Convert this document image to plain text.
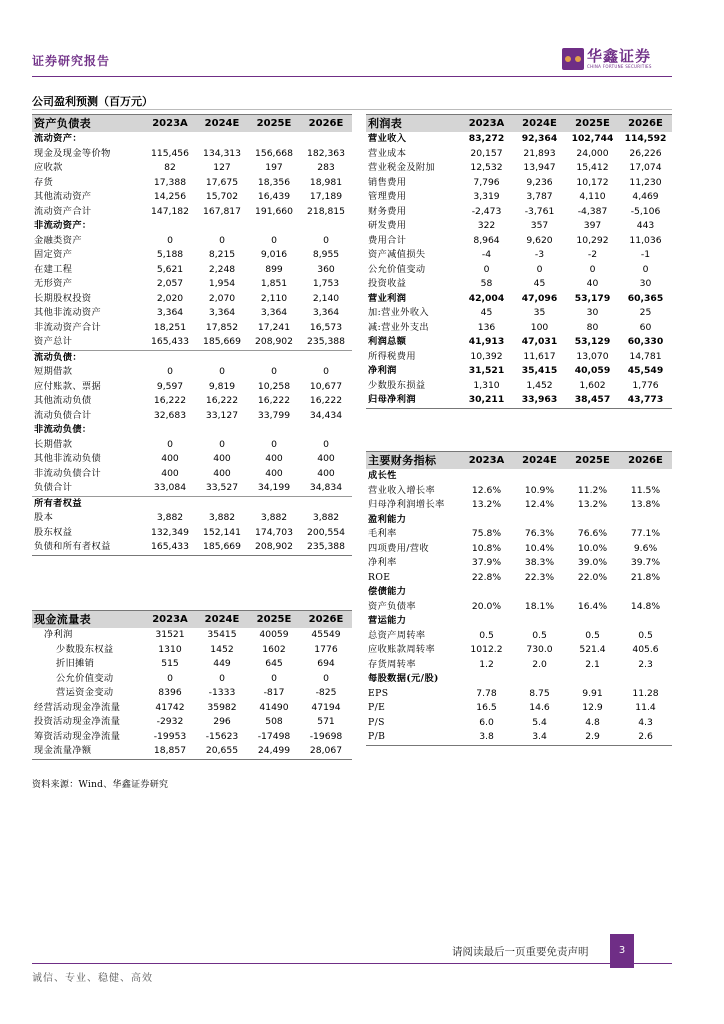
证券研究报告	华鑫证券
CHINA FORTUNE SECURITIES
公司盈利预测（百万元）
资产负债表	2023A	2024E	2025E	2026E
流动资产：				
现金及现金等价物	115,456	134,313	156,668	182,363
应收款	82	127	197	283
存货	17,388	17,675	18,356	18,981
其他流动资产	14,256	15,702	16,439	17,189
流动资产合计	147,182	167,817	191,660	218,815
非流动资产：				
金融类资产	0	0	0	0
固定资产	5,188	8,215	9,016	8,955
在建工程	5,621	2,248	899	360
无形资产	2,057	1,954	1,851	1,753
长期股权投资	2,020	2,070	2,110	2,140
其他非流动资产	3,364	3,364	3,364	3,364
非流动资产合计	18,251	17,852	17,241	16,573
资产总计	165,433	185,669	208,902	235,388
流动负债：				
短期借款	0	0	0	0
应付账款、票据	9,597	9,819	10,258	10,677
其他流动负债	16,222	16,222	16,222	16,222
流动负债合计	32,683	33,127	33,799	34,434
非流动负债：				
长期借款	0	0	0	0
其他非流动负债	400	400	400	400
非流动负债合计	400	400	400	400
负债合计	33,084	33,527	34,199	34,834
所有者权益				
股本	3,882	3,882	3,882	3,882
股东权益	132,349	152,141	174,703	200,554
负债和所有者权益	165,433	185,669	208,902	235,388
现金流量表	2023A	2024E	2025E	2026E
净利润	31521	35415	40059	45549
少数股东权益	1310	1452	1602	1776
折旧摊销	515	449	645	694
公允价值变动	0	0	0	0
营运资金变动	8396	-1333	-817	-825
经营活动现金净流量	41742	35982	41490	47194
投资活动现金净流量	-2932	296	508	571
筹资活动现金净流量	-19953	-15623	-17498	-19698
现金流量净额	18,857	20,655	24,499	28,067
利润表	2023A	2024E	2025E	2026E
营业收入	83,272	92,364	102,744	114,592
营业成本	20,157	21,893	24,000	26,226
营业税金及附加	12,532	13,947	15,412	17,074
销售费用	7,796	9,236	10,172	11,230
管理费用	3,319	3,787	4,110	4,469
财务费用	-2,473	-3,761	-4,387	-5,106
研发费用	322	357	397	443
费用合计	8,964	9,620	10,292	11,036
资产减值损失	-4	-3	-2	-1
公允价值变动	0	0	0	0
投资收益	58	45	40	30
营业利润	42,004	47,096	53,179	60,365
加:营业外收入	45	35	30	25
减:营业外支出	136	100	80	60
利润总额	41,913	47,031	53,129	60,330
所得税费用	10,392	11,617	13,070	14,781
净利润	31,521	35,415	40,059	45,549
少数股东损益	1,310	1,452	1,602	1,776
归母净利润	30,211	33,963	38,457	43,773
主要财务指标	2023A	2024E	2025E	2026E
成长性				
营业收入增长率	12.6%	10.9%	11.2%	11.5%
归母净利润增长率	13.2%	12.4%	13.2%	13.8%
盈利能力				
毛利率	75.8%	76.3%	76.6%	77.1%
四项费用/营收	10.8%	10.4%	10.0%	9.6%
净利率	37.9%	38.3%	39.0%	39.7%
ROE	22.8%	22.3%	22.0%	21.8%
偿债能力				
资产负债率	20.0%	18.1%	16.4%	14.8%
营运能力				
总资产周转率	0.5	0.5	0.5	0.5
应收账款周转率	1012.2	730.0	521.4	405.6
存货周转率	1.2	2.0	2.1	2.3
每股数据(元/股)				
EPS	7.78	8.75	9.91	11.28
P/E	16.5	14.6	12.9	11.4
P/S	6.0	5.4	4.8	4.3
P/B	3.8	3.4	2.9	2.6
资料来源：Wind、华鑫证券研究
请阅读最后一页重要免责声明	3
诚信、专业、稳健、高效
